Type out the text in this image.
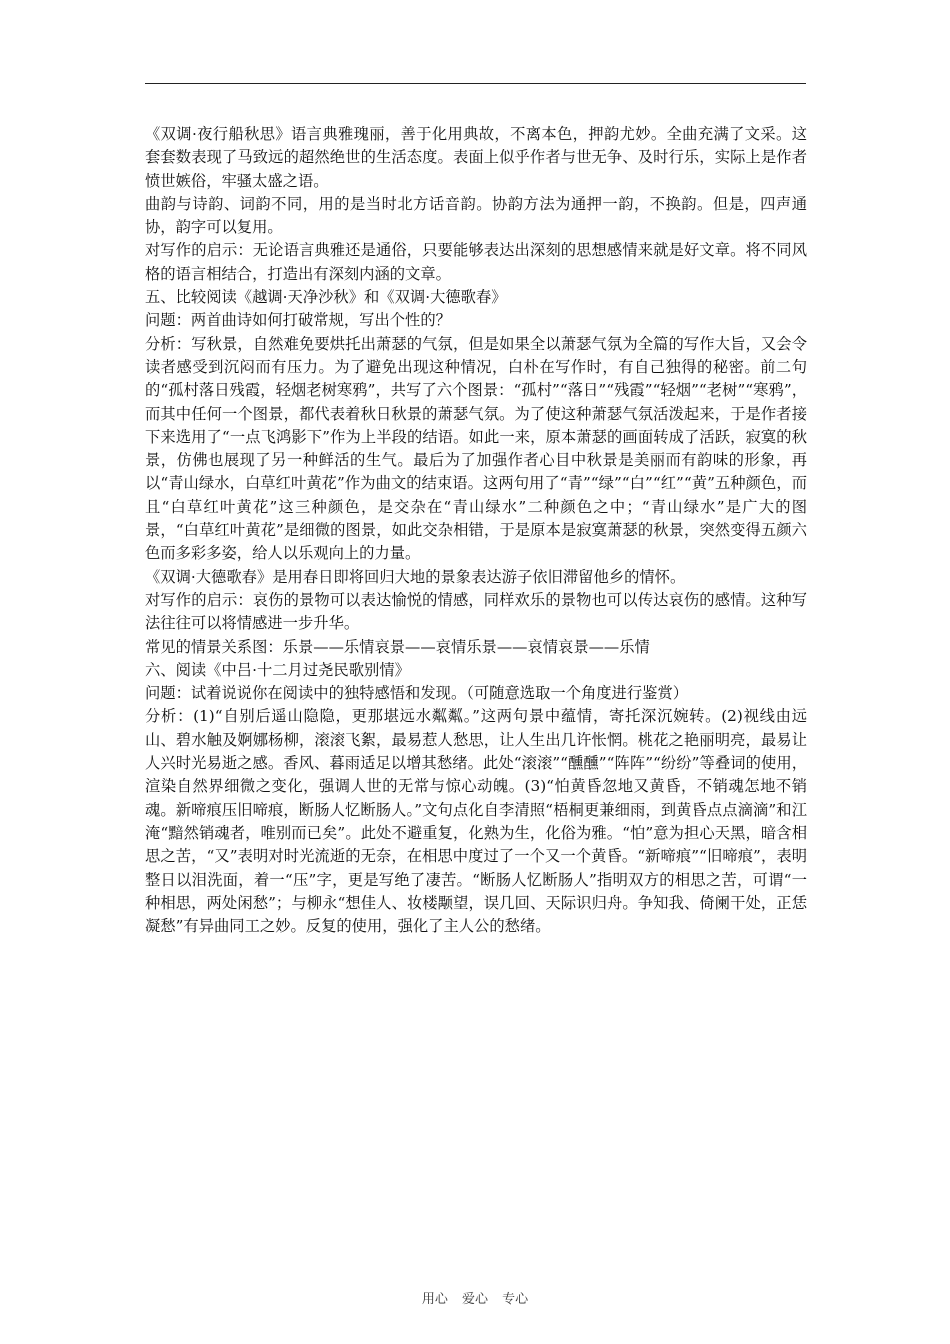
《双调·夜行船秋思》语言典雅瑰丽，善于化用典故，不离本色，押韵尤妙。全曲充满了文采。这套套数表现了马致远的超然绝世的生活态度。表面上似乎作者与世无争、及时行乐，实际上是作者愤世嫉俗，牢骚太盛之语。

曲韵与诗韵、词韵不同，用的是当时北方话音韵。协韵方法为通押一韵，不换韵。但是，四声通协，韵字可以复用。

对写作的启示：无论语言典雅还是通俗，只要能够表达出深刻的思想感情来就是好文章。将不同风格的语言相结合，打造出有深刻内涵的文章。

五、比较阅读《越调·天净沙秋》和《双调·大德歌春》

问题：两首曲诗如何打破常规，写出个性的？

分析：写秋景，自然难免要烘托出萧瑟的气氛，但是如果全以萧瑟气氛为全篇的写作大旨，又会令读者感受到沉闷而有压力。为了避免出现这种情况，白朴在写作时，有自己独得的秘密。前二句的“孤村落日残霞，轻烟老树寒鸦”，共写了六个图景：“孤村”“落日”“残霞”“轻烟”“老树”“寒鸦”，而其中任何一个图景，都代表着秋日秋景的萧瑟气氛。为了使这种萧瑟气氛活泼起来，于是作者接下来选用了“一点飞鸿影下”作为上半段的结语。如此一来，原本萧瑟的画面转成了活跃，寂寞的秋景，仿佛也展现了另一种鲜活的生气。最后为了加强作者心目中秋景是美丽而有韵味的形象，再以“青山绿水，白草红叶黄花”作为曲文的结束语。这两句用了“青”“绿”“白”“红”“黄”五种颜色，而且“白草红叶黄花”这三种颜色，是交杂在“青山绿水”二种颜色之中；“青山绿水”是广大的图景，“白草红叶黄花”是细微的图景，如此交杂相错，于是原本是寂寞萧瑟的秋景，突然变得五颜六色而多彩多姿，给人以乐观向上的力量。

《双调·大德歌春》是用春日即将回归大地的景象表达游子依旧滞留他乡的情怀。

对写作的启示：哀伤的景物可以表达愉悦的情感，同样欢乐的景物也可以传达哀伤的感情。这种写法往往可以将情感进一步升华。

常见的情景关系图：乐景——乐情哀景——哀情乐景——哀情哀景——乐情

六、阅读《中吕·十二月过尧民歌别情》

问题：试着说说你在阅读中的独特感悟和发现。（可随意选取一个角度进行鉴赏）

分析：(1)“自别后遥山隐隐，更那堪远水粼粼。”这两句景中蕴情，寄托深沉婉转。(2)视线由远山、碧水触及婀娜杨柳，滚滚飞絮，最易惹人愁思，让人生出几许怅惘。桃花之艳丽明亮，最易让人兴时光易逝之感。香风、暮雨适足以增其愁绪。此处“滚滚”“醺醺”“阵阵”“纷纷”等叠词的使用，渲染自然界细微之变化，强调人世的无常与惊心动魄。(3)“怕黄昏忽地又黄昏，不销魂怎地不销魂。新啼痕压旧啼痕，断肠人忆断肠人。”文句点化自李清照“梧桐更兼细雨，到黄昏点点滴滴”和江淹“黯然销魂者，唯别而已矣”。此处不避重复，化熟为生，化俗为雅。“怕”意为担心天黑，暗含相思之苦，“又”表明对时光流逝的无奈，在相思中度过了一个又一个黄昏。“新啼痕”“旧啼痕”，表明整日以泪洗面，着一“压”字，更是写绝了凄苦。“断肠人忆断肠人”指明双方的相思之苦，可谓“一种相思，两处闲愁”；与柳永“想佳人、妆楼颙望，误几回、天际识归舟。争知我、倚阑干处，正恁凝愁”有异曲同工之妙。反复的使用，强化了主人公的愁绪。

用心 爱心 专心
